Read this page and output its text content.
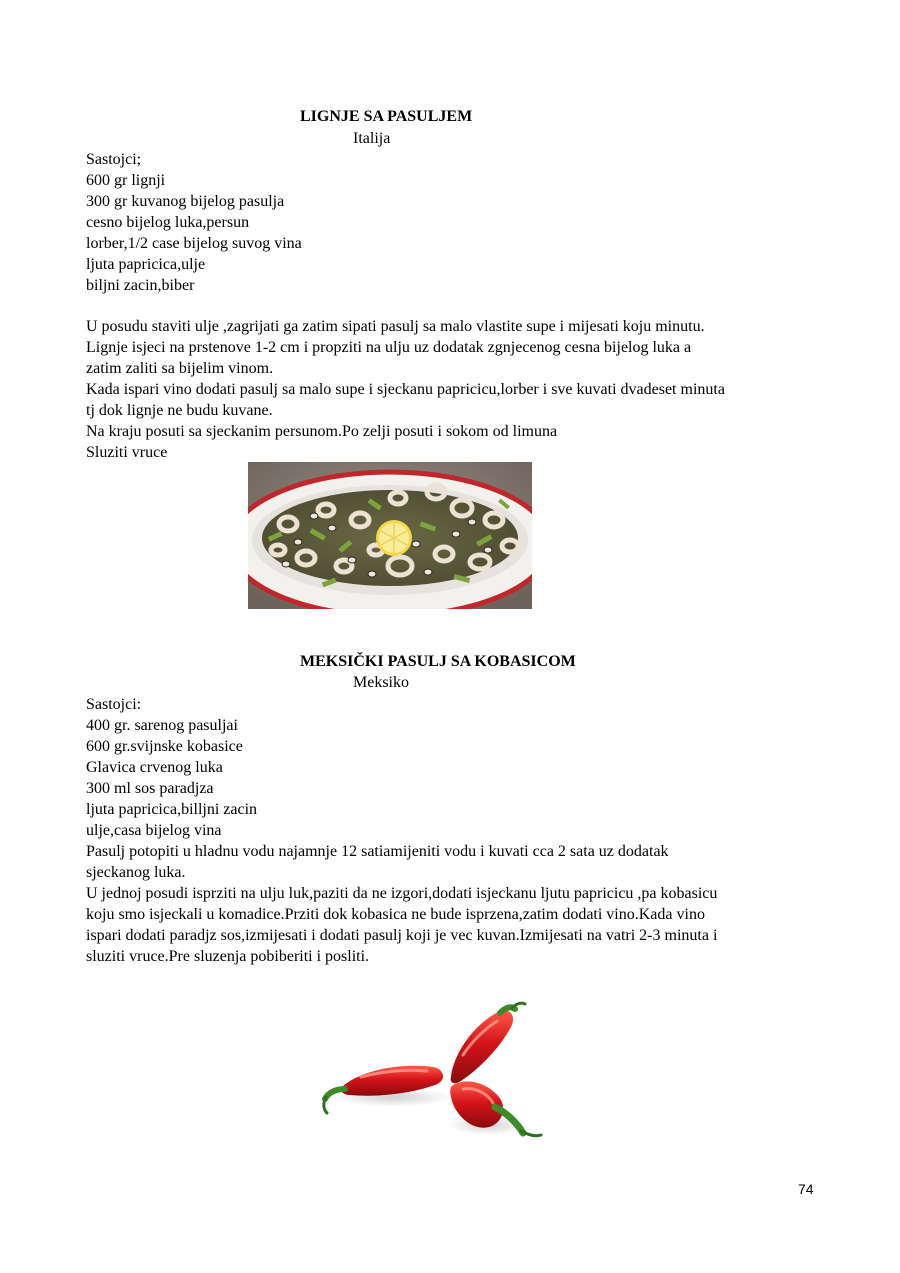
LIGNJE SA PASULJEM
Italija
Sastojci;
600 gr lignji
300 gr kuvanog bijelog pasulja
cesno bijelog luka,persun
lorber,1/2 case bijelog suvog vina
ljuta papricica,ulje
biljni zacin,biber
U posudu staviti ulje ,zagrijati ga zatim sipati pasulj sa malo vlastite supe i mijesati koju minutu.
Lignje isjeci na prstenove 1-2 cm i propziti na ulju uz dodatak zgnjecenog cesna bijelog luka a
zatim zaliti sa bijelim vinom.
Kada ispari vino dodati pasulj sa malo supe i sjeckanu papricicu,lorber i sve kuvati dvadeset minuta
tj dok lignje ne budu kuvane.
Na kraju posuti sa sjeckanim persunom.Po zelji posuti i sokom od limuna
Sluziti vruce
MEKSIČKI PASULJ SA KOBASICOM
Meksiko
Sastojci:
400 gr. sarenog pasuljai
600 gr.svijnske kobasice
Glavica crvenog luka
300 ml sos paradjza
ljuta papricica,billjni zacin
ulje,casa bijelog vina
Pasulj potopiti u hladnu vodu najamnje 12 satiamijeniti vodu i kuvati cca 2 sata uz dodatak
sjeckanog luka.
U jednoj posudi isprziti na ulju luk,paziti da ne izgori,dodati isjeckanu ljutu papricicu ,pa kobasicu
koju smo isjeckali u komadice.Prziti dok kobasica ne bude isprzena,zatim dodati vino.Kada vino
ispari dodati paradjz sos,izmijesati i dodati pasulj koji je vec kuvan.Izmijesati na vatri 2-3 minuta i
sluziti vruce.Pre sluzenja pobiberiti i posliti.
74
